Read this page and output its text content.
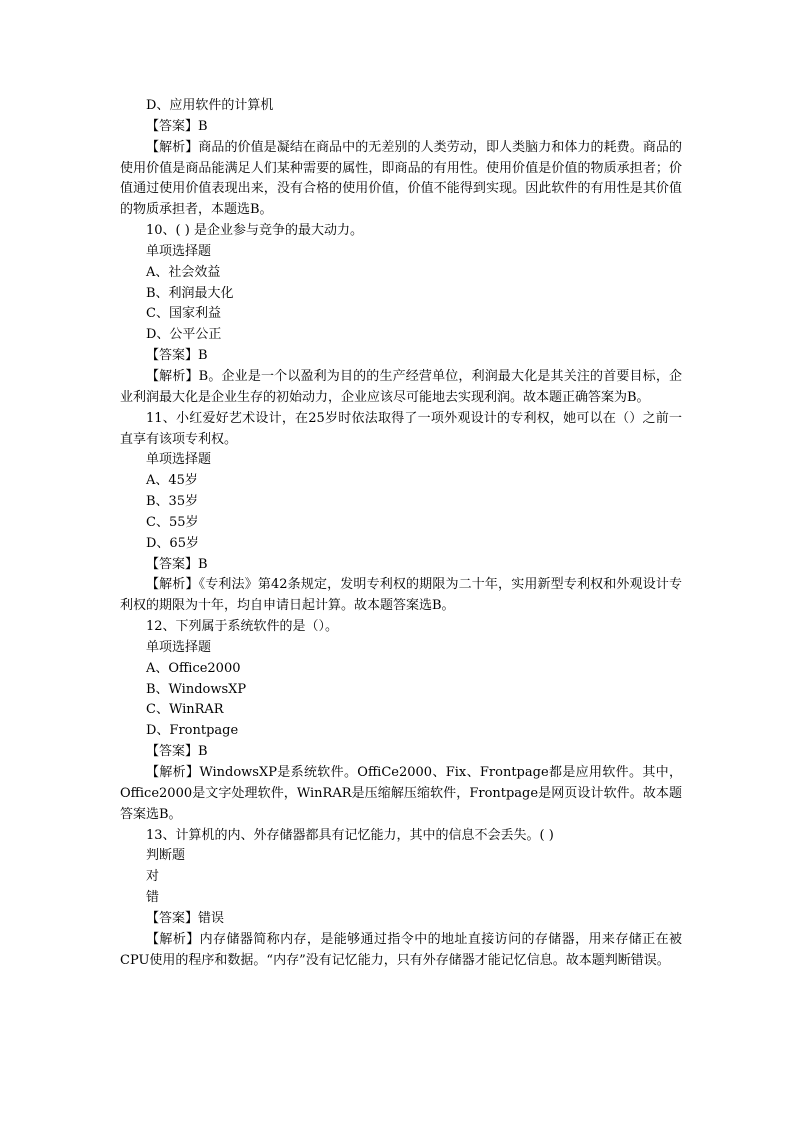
D、应用软件的计算机

【答案】B

【解析】商品的价值是凝结在商品中的无差别的人类劳动，即人类脑力和体力的耗费。商品的使用价值是商品能满足人们某种需要的属性，即商品的有用性。使用价值是价值的物质承担者；价值通过使用价值表现出来，没有合格的使用价值，价值不能得到实现。因此软件的有用性是其价值的物质承担者，本题选B。

10、( ) 是企业参与竞争的最大动力。

单项选择题

A、社会效益

B、利润最大化

C、国家利益

D、公平公正

【答案】B

【解析】B。企业是一个以盈利为目的的生产经营单位，利润最大化是其关注的首要目标，企业利润最大化是企业生存的初始动力，企业应该尽可能地去实现利润。故本题正确答案为B。

11、小红爱好艺术设计，在25岁时依法取得了一项外观设计的专利权，她可以在（）之前一直享有该项专利权。

单项选择题

A、45岁

B、35岁

C、55岁

D、65岁

【答案】B

【解析】《专利法》第42条规定，发明专利权的期限为二十年，实用新型专利权和外观设计专利权的期限为十年，均自申请日起计算。故本题答案选B。

12、下列属于系统软件的是（）。

单项选择题

A、Office2000

B、WindowsXP

C、WinRAR

D、Frontpage

【答案】B

【解析】WindowsXP是系统软件。OffiCe2000、Fix、Frontpage都是应用软件。其中，Office2000是文字处理软件，WinRAR是压缩解压缩软件，Frontpage是网页设计软件。故本题答案选B。

13、计算机的内、外存储器都具有记忆能力，其中的信息不会丢失。( )

判断题

对

错

【答案】错误

【解析】内存储器简称内存，是能够通过指令中的地址直接访问的存储器，用来存储正在被CPU使用的程序和数据。“内存”没有记忆能力，只有外存储器才能记忆信息。故本题判断错误。
